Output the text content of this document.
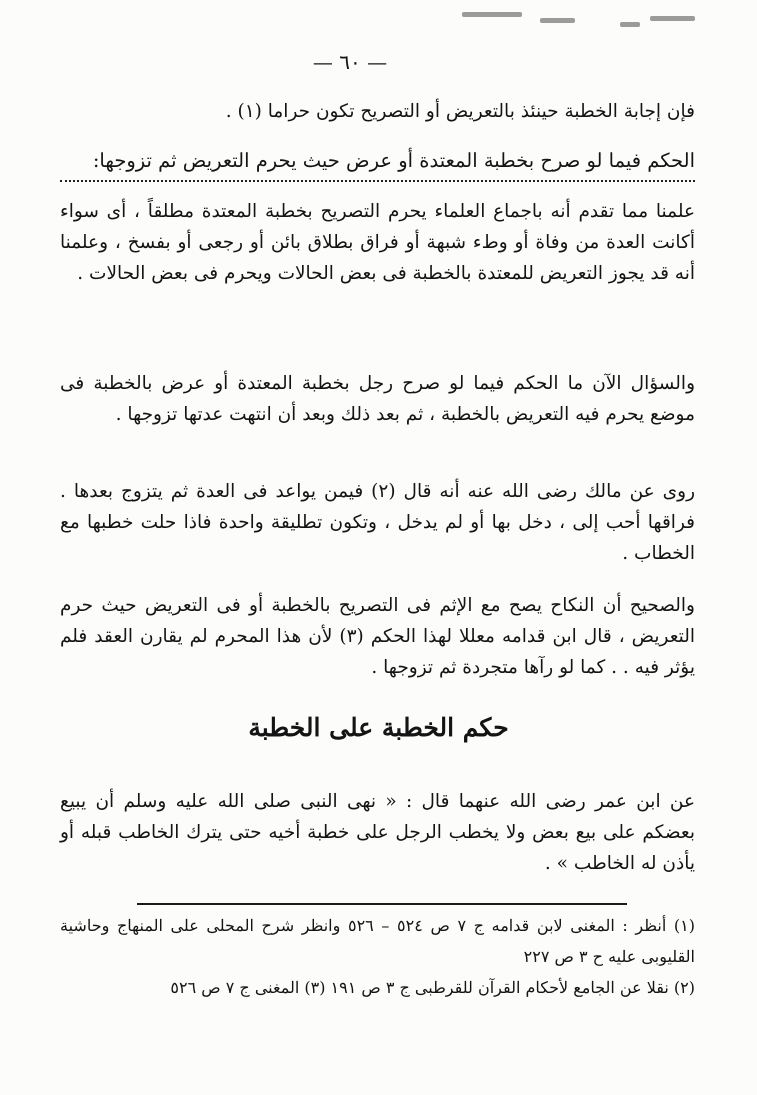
— ٦٠ —

فإن إجابة الخطبة حينئذ بالتعريض أو التصريح تكون حراما (١) .

الحكم فيما لو صرح بخطبة المعتدة أو عرض حيث يحرم التعريض ثم تزوجها:

علمنا مما تقدم أنه باجماع العلماء يحرم التصريح بخطبة المعتدة مطلقاً ، أى سواء أكانت العدة من وفاة أو وطء شبهة أو فراق بطلاق بائن أو رجعى أو بفسخ ، وعلمنا أنه قد يجوز التعريض للمعتدة بالخطبة فى بعض الحالات ويحرم فى بعض الحالات .

والسؤال الآن ما الحكم فيما لو صرح رجل بخطبة المعتدة أو عرض بالخطبة فى موضع يحرم فيه التعريض بالخطبة ، ثم بعد ذلك وبعد أن انتهت عدتها تزوجها .

روى عن مالك رضى الله عنه أنه قال (٢) فيمن يواعد فى العدة ثم يتزوج بعدها . فراقها أحب إلى ، دخل بها أو لم يدخل ، وتكون تطليقة واحدة فاذا حلت خطبها مع الخطاب .

والصحيح أن النكاح يصح مع الإثم فى التصريح بالخطبة أو فى التعريض حيث حرم التعريض ، قال ابن قدامه معللا لهذا الحكم (٣) لأن هذا المحرم لم يقارن العقد فلم يؤثر فيه . . كما لو رآها متجردة ثم تزوجها .

حكم الخطبة على الخطبة

عن ابن عمر رضى الله عنهما قال : « نهى النبى صلى الله عليه وسلم أن يبيع بعضكم على بيع بعض ولا يخطب الرجل على خطبة أخيه حتى يترك الخاطب قبله أو يأذن له الخاطب » .

(١) أنظر : المغنى لابن قدامه ج ٧ ص ٥٢٤ – ٥٢٦ وانظر شرح المحلى على المنهاج وحاشية القليوبى عليه ح ٣ ص ٢٢٧

(٢) نقلا عن الجامع لأحكام القرآن للقرطبى ج ٣ ص ١٩١ (٣) المغنى ج ٧ ص ٥٢٦
